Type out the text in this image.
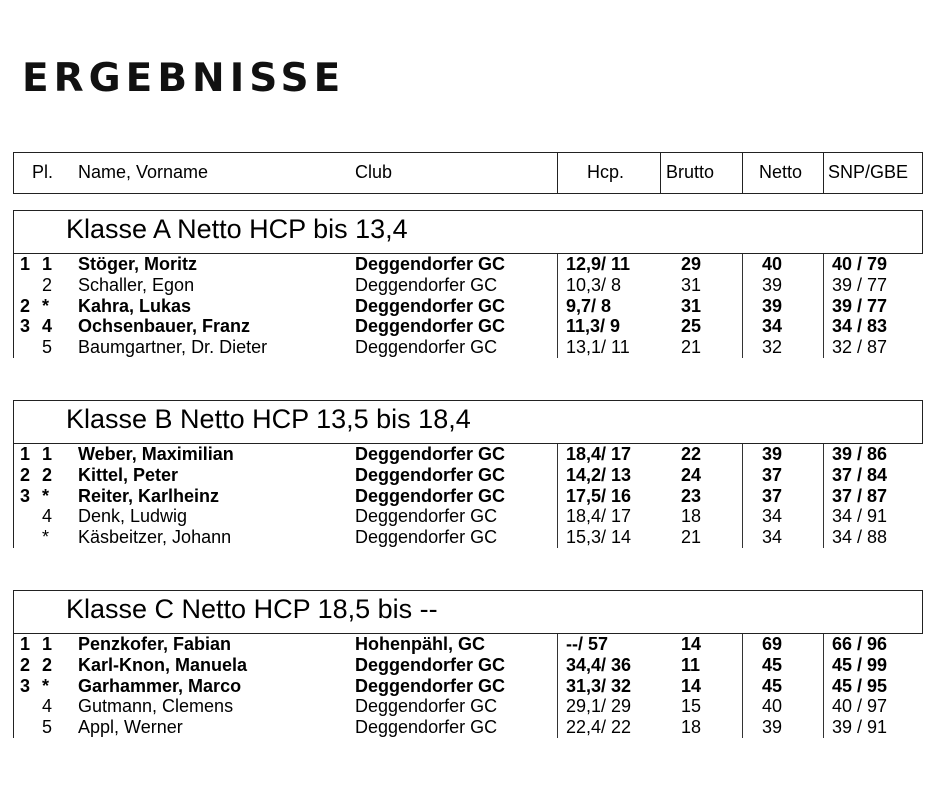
ERGEBNISSE
Pl. Name, Vorname	Club	Hcp. Brutto Netto SNP/GBE
Klasse A Netto HCP bis 13,4
1 1 Stöger, Moritz	Deggendorfer GC	12,9/ 11	29	40	40 / 79
2 Schaller, Egon	Deggendorfer GC	10,3/ 8	31	39	39 / 77
2 * Kahra, Lukas	Deggendorfer GC	9,7/ 8	31	39	39 / 77
3 4 Ochsenbauer, Franz	Deggendorfer GC	11,3/ 9	25	34	34 / 83
5 Baumgartner, Dr. Dieter	Deggendorfer GC	13,1/ 11	21	32	32 / 87
Klasse B Netto HCP 13,5 bis 18,4
1 1 Weber, Maximilian	Deggendorfer GC	18,4/ 17	22	39	39 / 86
2 2 Kittel, Peter	Deggendorfer GC	14,2/ 13	24	37	37 / 84
3 * Reiter, Karlheinz	Deggendorfer GC	17,5/ 16	23	37	37 / 87
4 Denk, Ludwig	Deggendorfer GC	18,4/ 17	18	34	34 / 91
* Käsbeitzer, Johann	Deggendorfer GC	15,3/ 14	21	34	34 / 88
Klasse C Netto HCP 18,5 bis --
1 1 Penzkofer, Fabian	Hohenpähl, GC	--/ 57	14	69	66 / 96
2 2 Karl-Knon, Manuela	Deggendorfer GC	34,4/ 36	11	45	45 / 99
3 * Garhammer, Marco	Deggendorfer GC	31,3/ 32	14	45	45 / 95
4 Gutmann, Clemens	Deggendorfer GC	29,1/ 29	15	40	40 / 97
5 Appl, Werner	Deggendorfer GC	22,4/ 22	18	39	39 / 91
